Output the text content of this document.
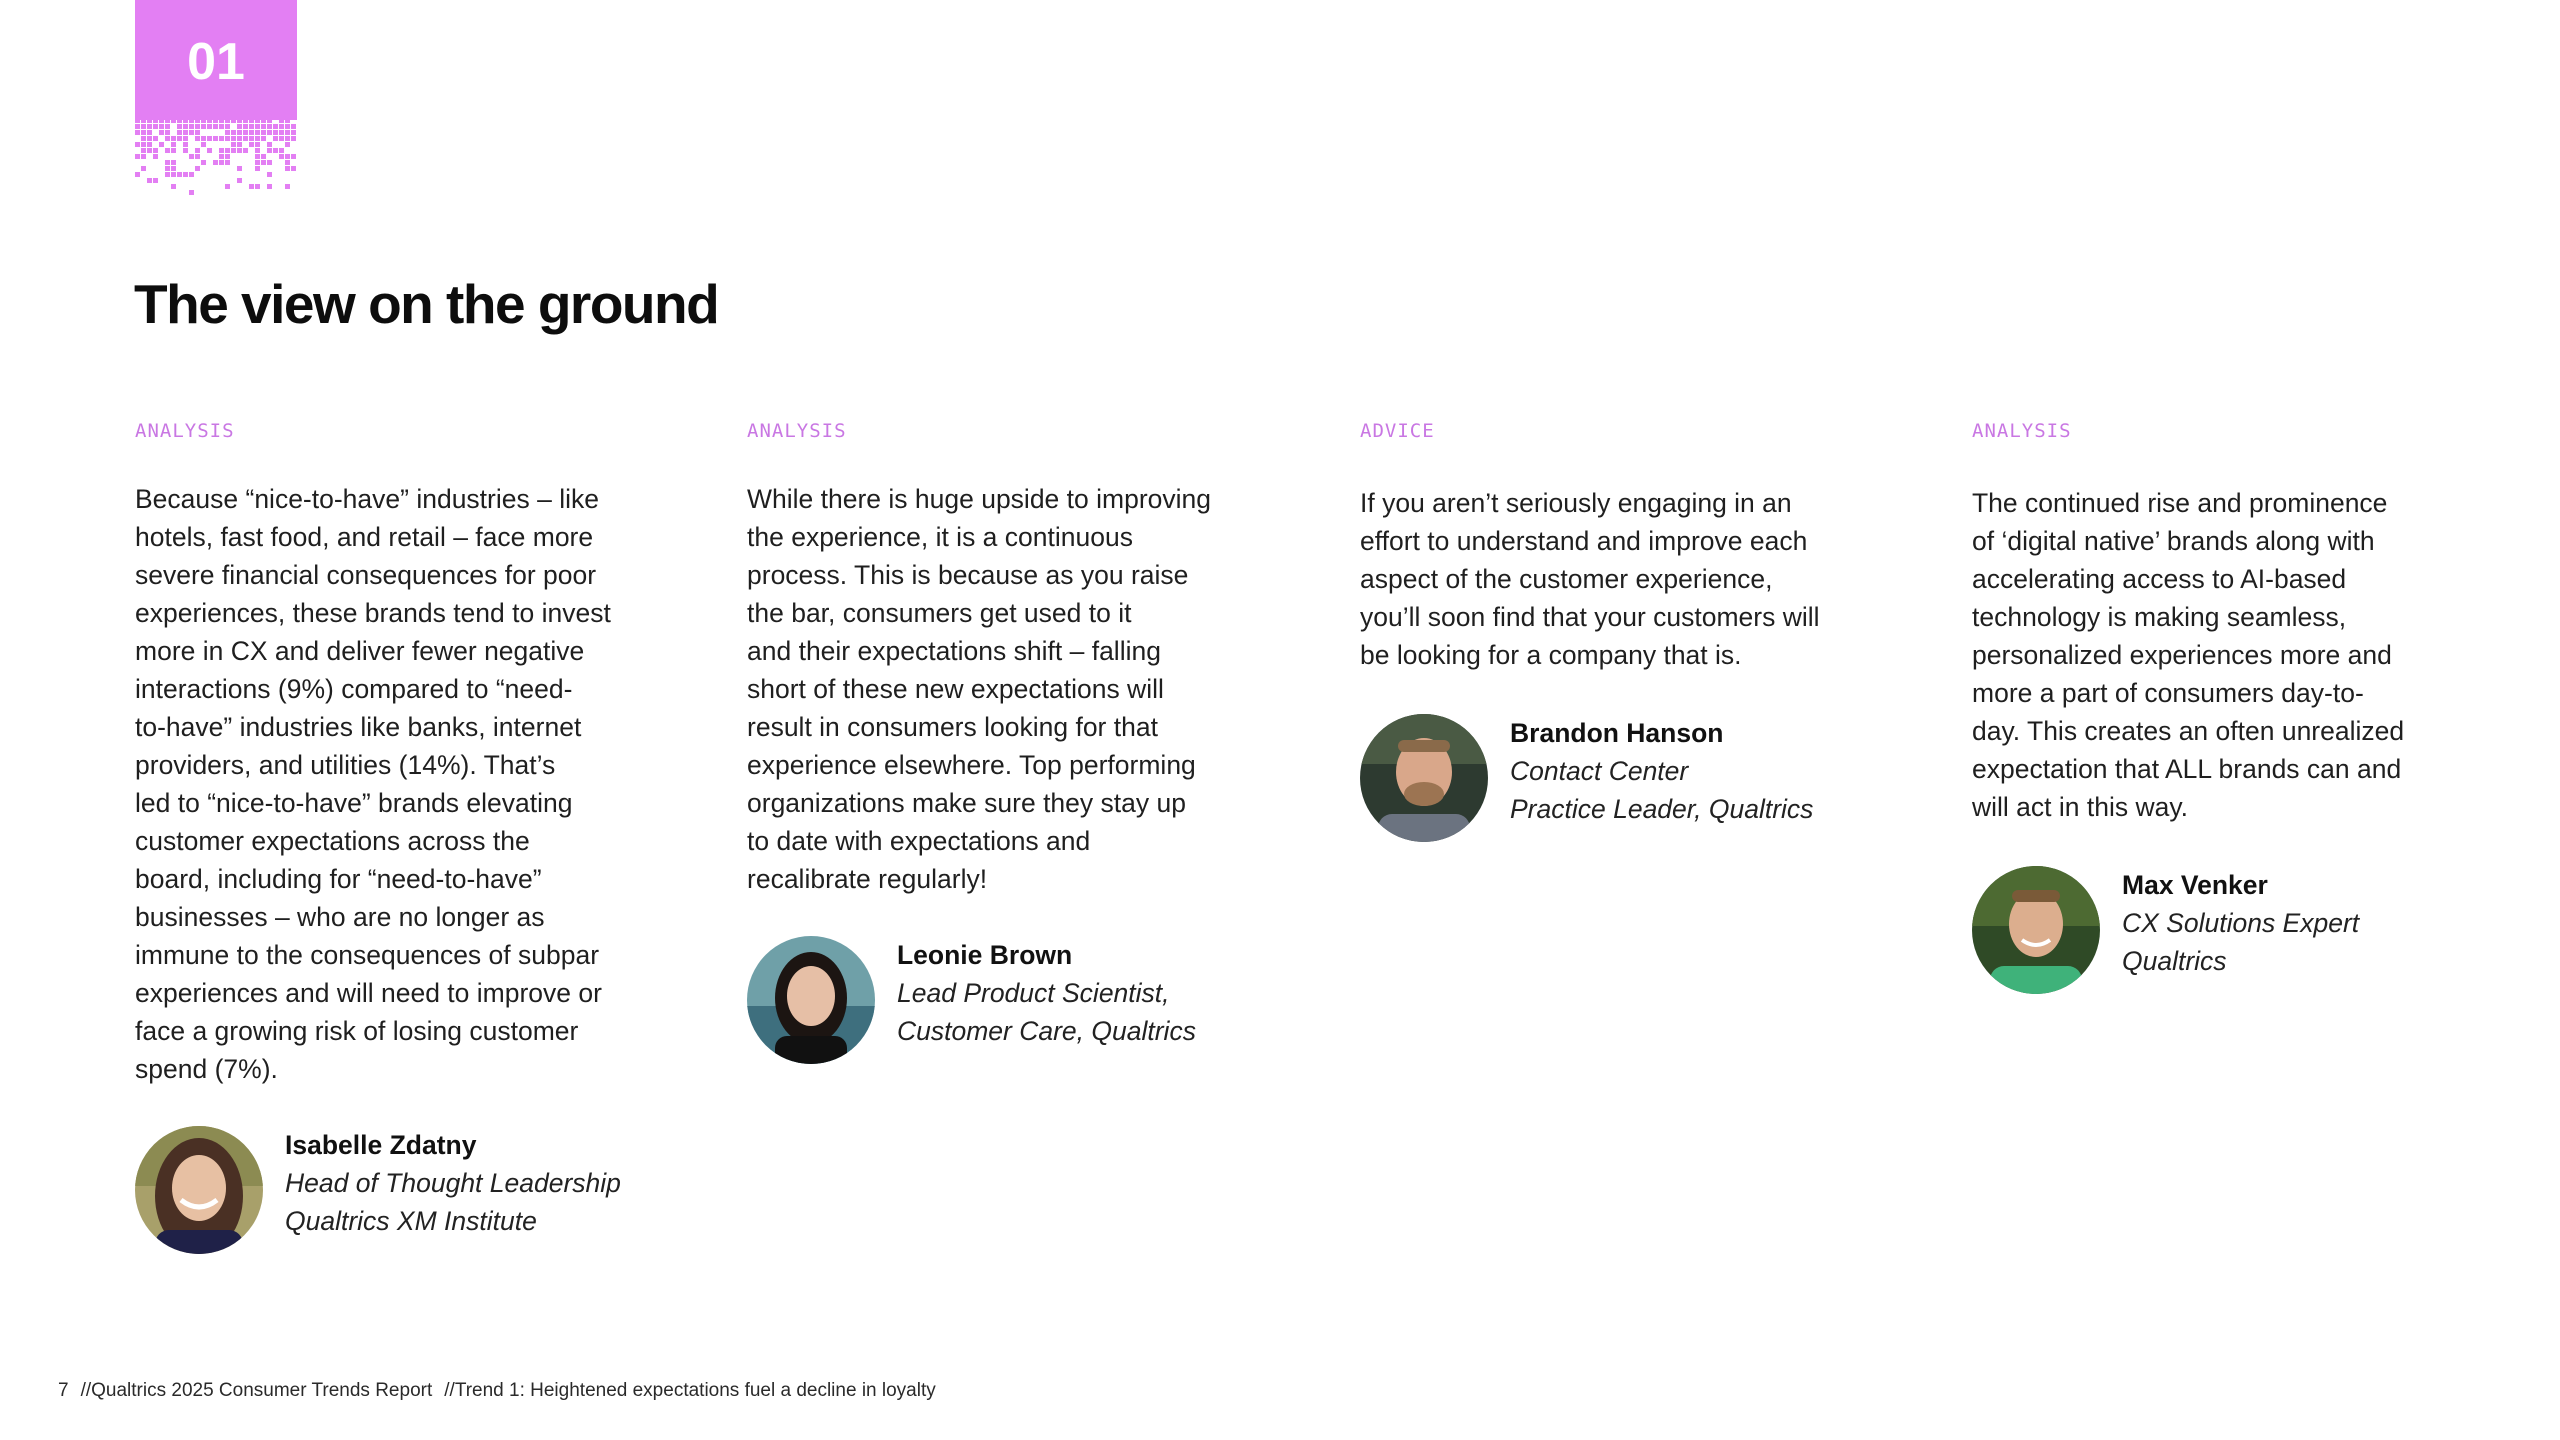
01
The view on the ground

ANALYSIS

Because “nice-to-have” industries – like
hotels, fast food, and retail – face more
severe financial consequences for poor
experiences, these brands tend to invest
more in CX and deliver fewer negative
interactions (9%) compared to “need-
to-have” industries like banks, internet
providers, and utilities (14%). That’s
led to “nice-to-have” brands elevating
customer expectations across the
board, including for “need-to-have”
businesses – who are no longer as
immune to the consequences of subpar
experiences and will need to improve or
face a growing risk of losing customer
spend (7%).

Isabelle Zdatny
Head of Thought Leadership
Qualtrics XM Institute

ANALYSIS

While there is huge upside to improving
the experience, it is a continuous
process. This is because as you raise
the bar, consumers get used to it
and their expectations shift – falling
short of these new expectations will
result in consumers looking for that
experience elsewhere. Top performing
organizations make sure they stay up
to date with expectations and
recalibrate regularly!

Leonie Brown
Lead Product Scientist,
Customer Care, Qualtrics

ADVICE

If you aren’t seriously engaging in an
effort to understand and improve each
aspect of the customer experience,
you’ll soon find that your customers will
be looking for a company that is.

Brandon Hanson
Contact Center
Practice Leader, Qualtrics

ANALYSIS

The continued rise and prominence
of ‘digital native’ brands along with
accelerating access to AI-based
technology is making seamless,
personalized experiences more and
more a part of consumers day-to-
day. This creates an often unrealized
expectation that ALL brands can and
will act in this way.

Max Venker
CX Solutions Expert
Qualtrics
7 //Qualtrics 2025 Consumer Trends Report //Trend 1: Heightened expectations fuel a decline in loyalty
